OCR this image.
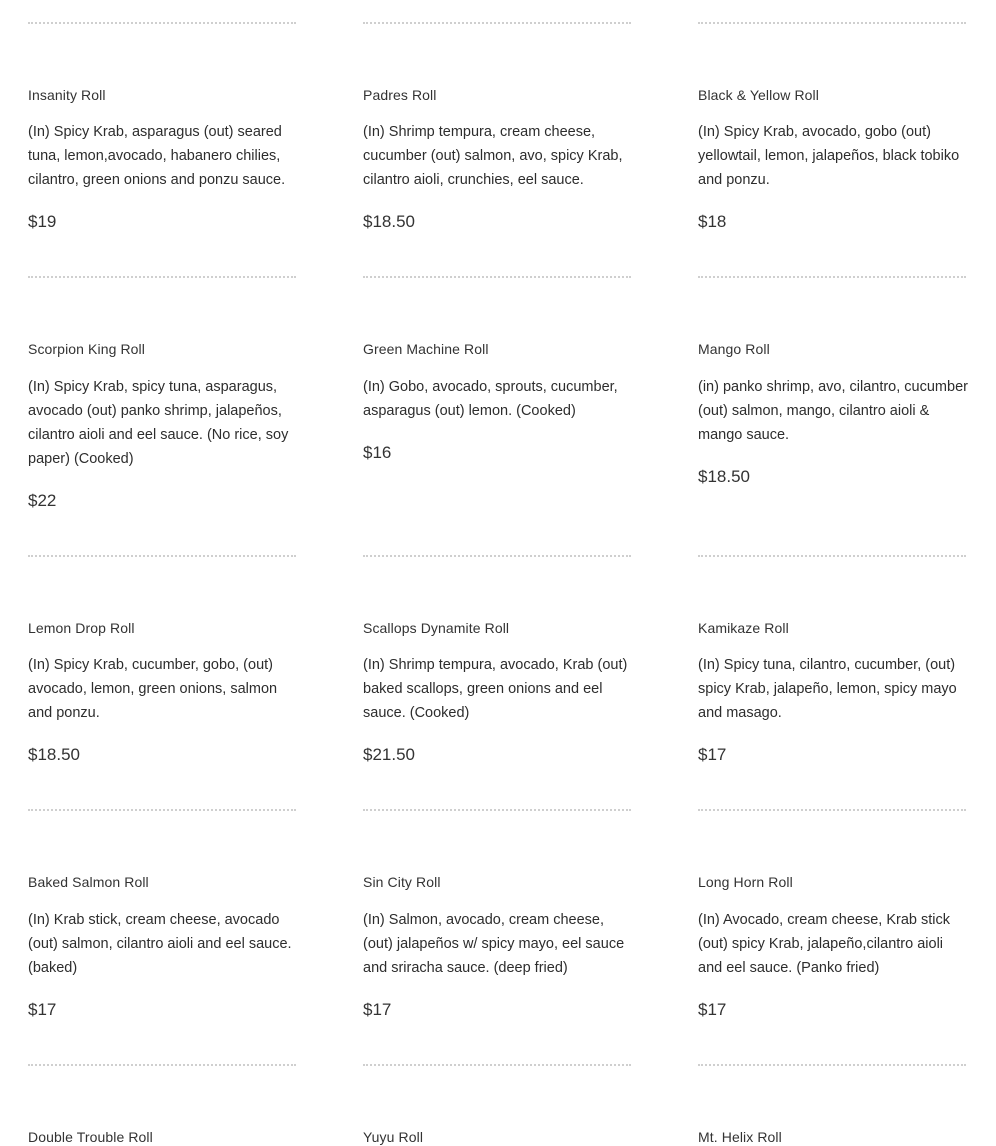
Insanity Roll

(In) Spicy Krab, asparagus (out) seared tuna, lemon,avocado, habanero chilies, cilantro, green onions and ponzu sauce.

$19

Padres Roll

(In) Shrimp tempura, cream cheese, cucumber (out) salmon, avo, spicy Krab, cilantro aioli, crunchies, eel sauce.

$18.50

Black & Yellow Roll

(In) Spicy Krab, avocado, gobo (out) yellowtail, lemon, jalapeños, black tobiko and ponzu.

$18

Scorpion King Roll

(In) Spicy Krab, spicy tuna, asparagus, avocado (out) panko shrimp, jalapeños, cilantro aioli and eel sauce. (No rice, soy paper) (Cooked)

$22

Green Machine Roll

(In) Gobo, avocado, sprouts, cucumber, asparagus (out) lemon. (Cooked)

$16

Mango Roll

(in) panko shrimp, avo, cilantro, cucumber (out) salmon, mango, cilantro aioli & mango sauce.

$18.50

Lemon Drop Roll

(In) Spicy Krab, cucumber, gobo, (out) avocado, lemon, green onions, salmon and ponzu.

$18.50

Scallops Dynamite Roll

(In) Shrimp tempura, avocado, Krab (out) baked scallops, green onions and eel sauce. (Cooked)

$21.50

Kamikaze Roll

(In) Spicy tuna, cilantro, cucumber, (out) spicy Krab, jalapeño, lemon, spicy mayo and masago.

$17

Baked Salmon Roll

(In) Krab stick, cream cheese, avocado (out) salmon, cilantro aioli and eel sauce. (baked)

$17

Sin City Roll

(In) Salmon, avocado, cream cheese, (out) jalapeños w/ spicy mayo, eel sauce and sriracha sauce. (deep fried)

$17

Long Horn Roll

(In) Avocado, cream cheese, Krab stick (out) spicy Krab, jalapeño,cilantro aioli and eel sauce. (Panko fried)

$17

Double Trouble Roll	Yuyu Roll	Mt. Helix Roll
